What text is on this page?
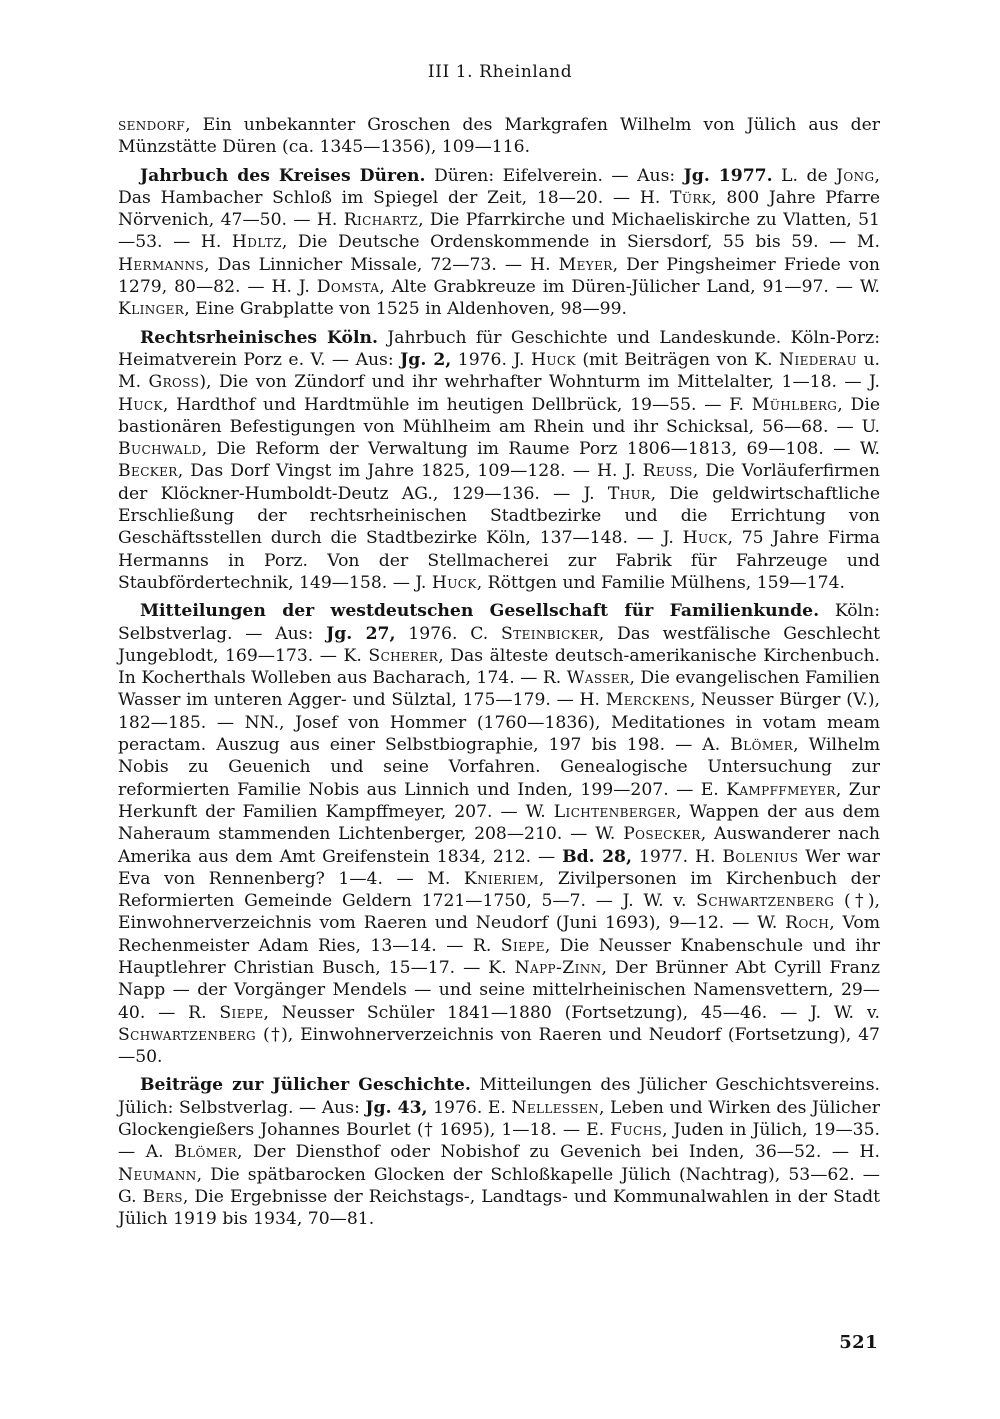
III 1. Rheinland

sendorf, Ein unbekannter Groschen des Markgrafen Wilhelm von Jülich aus der Münzstätte Düren (ca. 1345—1356), 109—116.

Jahrbuch des Kreises Düren. Düren: Eifelverein. — Aus: Jg. 1977. L. de Jong, Das Hambacher Schloß im Spiegel der Zeit, 18—20. — H. Türk, 800 Jahre Pfarre Nörvenich, 47—50. — H. Richartz, Die Pfarrkirche und Michaeliskirche zu Vlatten, 51—53. — H. Hdltz, Die Deutsche Ordenskommende in Siersdorf, 55 bis 59. — M. Hermanns, Das Linnicher Missale, 72—73. — H. Meyer, Der Pingsheimer Friede von 1279, 80—82. — H. J. Domsta, Alte Grabkreuze im Düren-Jülicher Land, 91—97. — W. Klinger, Eine Grabplatte von 1525 in Aldenhoven, 98—99.

Rechtsrheinisches Köln. Jahrbuch für Geschichte und Landeskunde. Köln-Porz: Heimatverein Porz e. V. — Aus: Jg. 2, 1976. J. Huck (mit Beiträgen von K. Niederau u. M. Gross), Die von Zündorf und ihr wehrhafter Wohnturm im Mittelalter, 1—18. — J. Huck, Hardthof und Hardtmühle im heutigen Dellbrück, 19—55. — F. Mühlberg, Die bastionären Befestigungen von Mühlheim am Rhein und ihr Schicksal, 56—68. — U. Buchwald, Die Reform der Verwaltung im Raume Porz 1806—1813, 69—108. — W. Becker, Das Dorf Vingst im Jahre 1825, 109—128. — H. J. Reuss, Die Vorläuferfirmen der Klöckner-Humboldt-Deutz AG., 129—136. — J. Thur, Die geldwirtschaftliche Erschließung der rechtsrheinischen Stadtbezirke und die Errichtung von Geschäftsstellen durch die Stadtbezirke Köln, 137—148. — J. Huck, 75 Jahre Firma Hermanns in Porz. Von der Stellmacherei zur Fabrik für Fahrzeuge und Staubfördertechnik, 149—158. — J. Huck, Röttgen und Familie Mülhens, 159—174.

Mitteilungen der westdeutschen Gesellschaft für Familienkunde. Köln: Selbstverlag. — Aus: Jg. 27, 1976. C. Steinbicker, Das westfälische Geschlecht Jungeblodt, 169—173. — K. Scherer, Das älteste deutsch-amerikanische Kirchenbuch. In Kocherthals Wolleben aus Bacharach, 174. — R. Wasser, Die evangelischen Familien Wasser im unteren Agger- und Sülztal, 175—179. — H. Merckens, Neusser Bürger (V.), 182—185. — NN., Josef von Hommer (1760—1836), Meditationes in votam meam peractam. Auszug aus einer Selbstbiographie, 197 bis 198. — A. Blömer, Wilhelm Nobis zu Geuenich und seine Vorfahren. Genealogische Untersuchung zur reformierten Familie Nobis aus Linnich und Inden, 199—207. — E. Kampffmeyer, Zur Herkunft der Familien Kampffmeyer, 207. — W. Lichtenberger, Wappen der aus dem Naheraum stammenden Lichtenberger, 208—210. — W. Posecker, Auswanderer nach Amerika aus dem Amt Greifenstein 1834, 212. — Bd. 28, 1977. H. Bolenius Wer war Eva von Rennenberg? 1—4. — M. Knieriem, Zivilpersonen im Kirchenbuch der Reformierten Gemeinde Geldern 1721—1750, 5—7. — J. W. v. Schwartzenberg (†), Einwohnerverzeichnis vom Raeren und Neudorf (Juni 1693), 9—12. — W. Roch, Vom Rechenmeister Adam Ries, 13—14. — R. Siepe, Die Neusser Knabenschule und ihr Hauptlehrer Christian Busch, 15—17. — K. Napp-Zinn, Der Brünner Abt Cyrill Franz Napp — der Vorgänger Mendels — und seine mittelrheinischen Namensvettern, 29—40. — R. Siepe, Neusser Schüler 1841—1880 (Fortsetzung), 45—46. — J. W. v. Schwartzenberg (†), Einwohnerverzeichnis von Raeren und Neudorf (Fortsetzung), 47—50.

Beiträge zur Jülicher Geschichte. Mitteilungen des Jülicher Geschichtsvereins. Jülich: Selbstverlag. — Aus: Jg. 43, 1976. E. Nellessen, Leben und Wirken des Jülicher Glockengießers Johannes Bourlet († 1695), 1—18. — E. Fuchs, Juden in Jülich, 19—35. — A. Blömer, Der Diensthof oder Nobishof zu Gevenich bei Inden, 36—52. — H. Neumann, Die spätbarocken Glocken der Schloßkapelle Jülich (Nachtrag), 53—62. — G. Bers, Die Ergebnisse der Reichstags-, Landtags- und Kommunalwahlen in der Stadt Jülich 1919 bis 1934, 70—81.

521
